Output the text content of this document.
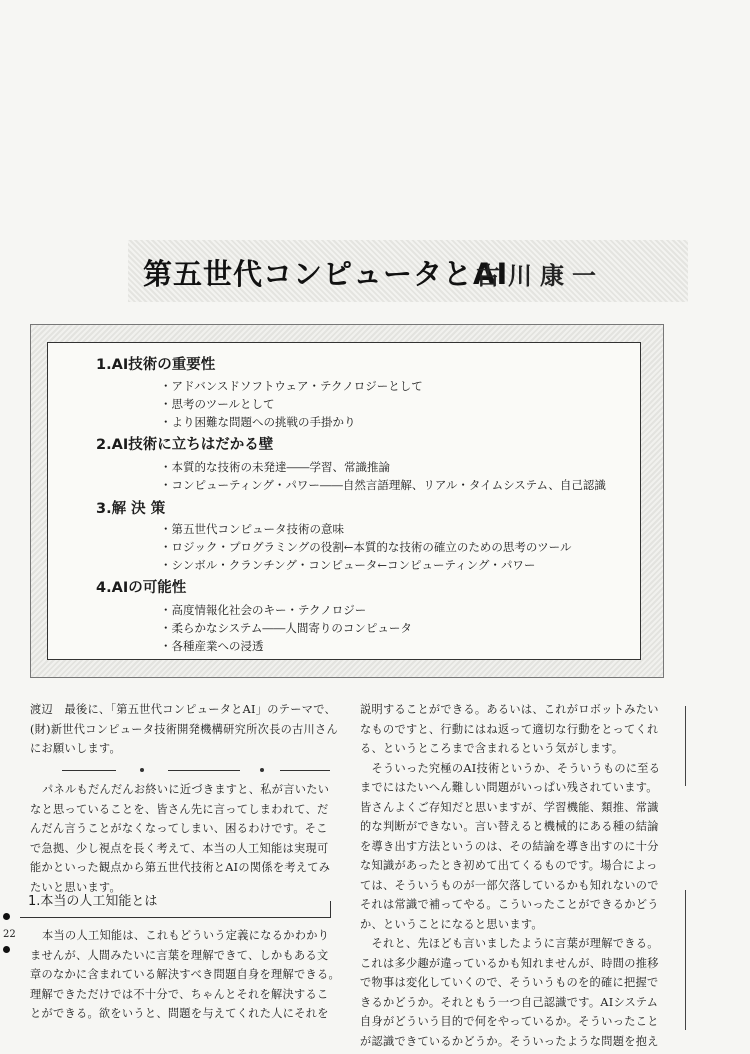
第五世代コンピュータとAI
古川康一
1.AI技術の重要性
・アドバンスドソフトウェア・テクノロジーとして
・思考のツールとして
・より困難な問題への挑戦の手掛かり
2.AI技術に立ちはだかる壁
・本質的な技術の未発達――学習、常識推論
・コンピューティング・パワー――自然言語理解、リアル・タイムシステム、自己認識
3.解 決 策
・第五世代コンピュータ技術の意味
・ロジック・プログラミングの役割←本質的な技術の確立のための思考のツール
・シンボル・クランチング・コンピュータ←コンピューティング・パワー
4.AIの可能性
・高度情報化社会のキー・テクノロジー
・柔らかなシステム――人間寄りのコンピュータ
・各種産業への浸透

渡辺　最後に、「第五世代コンピュータとAI」のテーマで、

(財)新世代コンピュータ技術開発機構研究所次長の古川さん

にお願いします。

パネルもだんだんお終いに近づきますと、私が言いたい

なと思っていることを、皆さん先に言ってしまわれて、だ

んだん言うことがなくなってしまい、困るわけです。そこ

で急拠、少し視点を長く考えて、本当の人工知能は実現可

能かといった観点から第五世代技術とAIの関係を考えてみ

たいと思います。

1.本当の人工知能とは
22	本当の人工知能は、これもどういう定義になるかわかり

ませんが、人間みたいに言葉を理解できて、しかもある文

章のなかに含まれている解決すべき問題自身を理解できる。

理解できただけでは不十分で、ちゃんとそれを解決するこ

とができる。欲をいうと、問題を与えてくれた人にそれを

説明することができる。あるいは、これがロボットみたい

なものですと、行動にはね返って適切な行動をとってくれ

る、というところまで含まれるという気がします。

　そういった究極のAI技術というか、そういうものに至る

までにはたいへん難しい問題がいっぱい残されています。

皆さんよくご存知だと思いますが、学習機能、類推、常識

的な判断ができない。言い替えると機械的にある種の結論

を導き出す方法というのは、その結論を導き出すのに十分

な知識があったとき初めて出てくるものです。場合によっ

ては、そういうものが一部欠落しているかも知れないので

それは常識で補ってやる。こういったことができるかどう

か、ということになると思います。

　それと、先ほども言いましたように言葉が理解できる。

これは多少趣が違っているかも知れませんが、時間の推移

で物事は変化していくので、そういうものを的確に把握で

きるかどうか。それともう一つ自己認識です。AIシステム

自身がどういう目的で何をやっているか。そういったこと

が認識できているかどうか。そういったような問題を抱え
